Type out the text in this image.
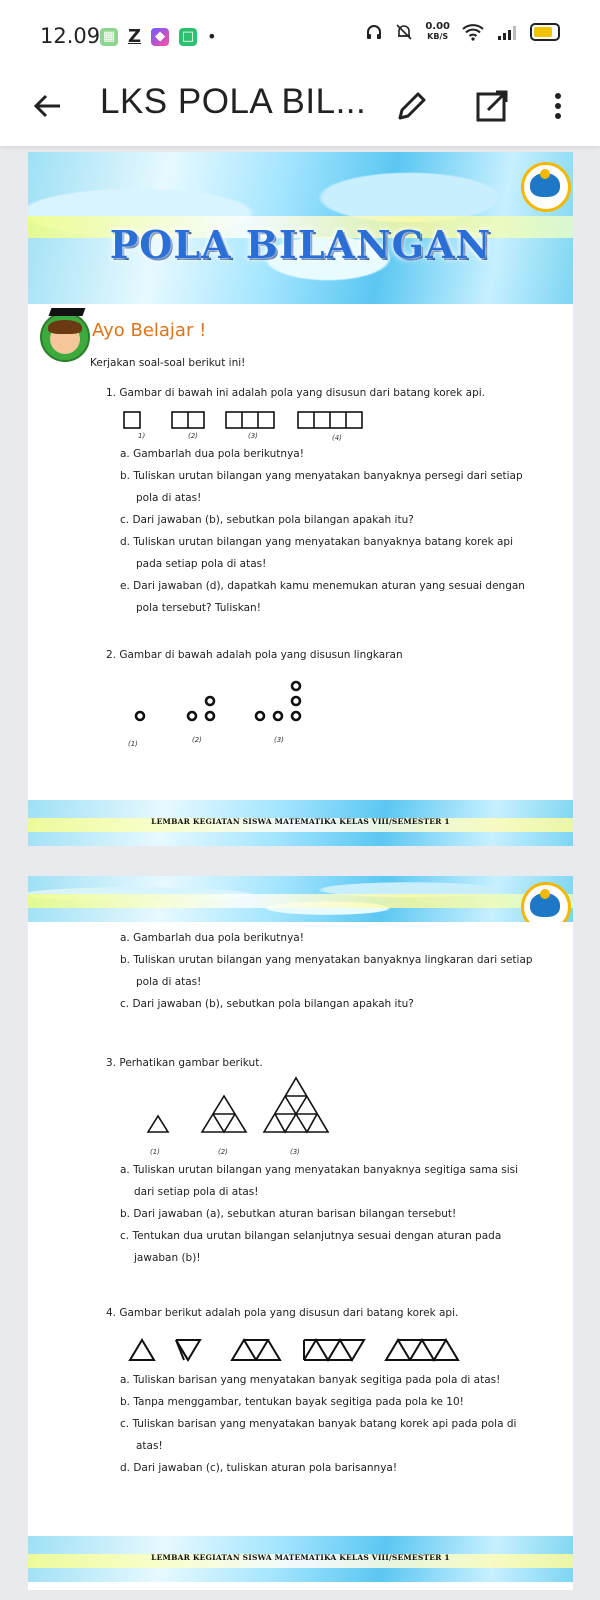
12.09 ▦ Z	◆	□ •
0.00
KB/S
LKS POLA BIL...
POLA BILANGAN
Ayo Belajar !
Kerjakan soal-soal berikut ini!
1. Gambar di bawah ini adalah pola yang disusun dari batang korek api.
1)	(2)	(3)	(4)
a. Gambarlah dua pola berikutnya!
b. Tuliskan urutan bilangan yang menyatakan banyaknya persegi dari setiap
pola di atas!
c. Dari jawaban (b), sebutkan pola bilangan apakah itu?
d. Tuliskan urutan bilangan yang menyatakan banyaknya batang korek api
pada setiap pola di atas!
e. Dari jawaban (d), dapatkah kamu menemukan aturan yang sesuai dengan
pola tersebut? Tuliskan!
2. Gambar di bawah adalah pola yang disusun lingkaran
(1)	(2)	(3)
LEMBAR KEGIATAN SISWA MATEMATIKA KELAS VIII/SEMESTER 1
a. Gambarlah dua pola berikutnya!
b. Tuliskan urutan bilangan yang menyatakan banyaknya lingkaran dari setiap
pola di atas!
c. Dari jawaban (b), sebutkan pola bilangan apakah itu?
3. Perhatikan gambar berikut.
(1)	(2)	(3)
a. Tuliskan urutan bilangan yang menyatakan banyaknya segitiga sama sisi
dari setiap pola di atas!
b. Dari jawaban (a), sebutkan aturan barisan bilangan tersebut!
c. Tentukan dua urutan bilangan selanjutnya sesuai dengan aturan pada
jawaban (b)!
4. Gambar berikut adalah pola yang disusun dari batang korek api.
a. Tuliskan barisan yang menyatakan banyak segitiga pada pola di atas!
b. Tanpa menggambar, tentukan bayak segitiga pada pola ke 10!
c. Tuliskan barisan yang menyatakan banyak batang korek api pada pola di
atas!
d. Dari jawaban (c), tuliskan aturan pola barisannya!
LEMBAR KEGIATAN SISWA MATEMATIKA KELAS VIII/SEMESTER 1
